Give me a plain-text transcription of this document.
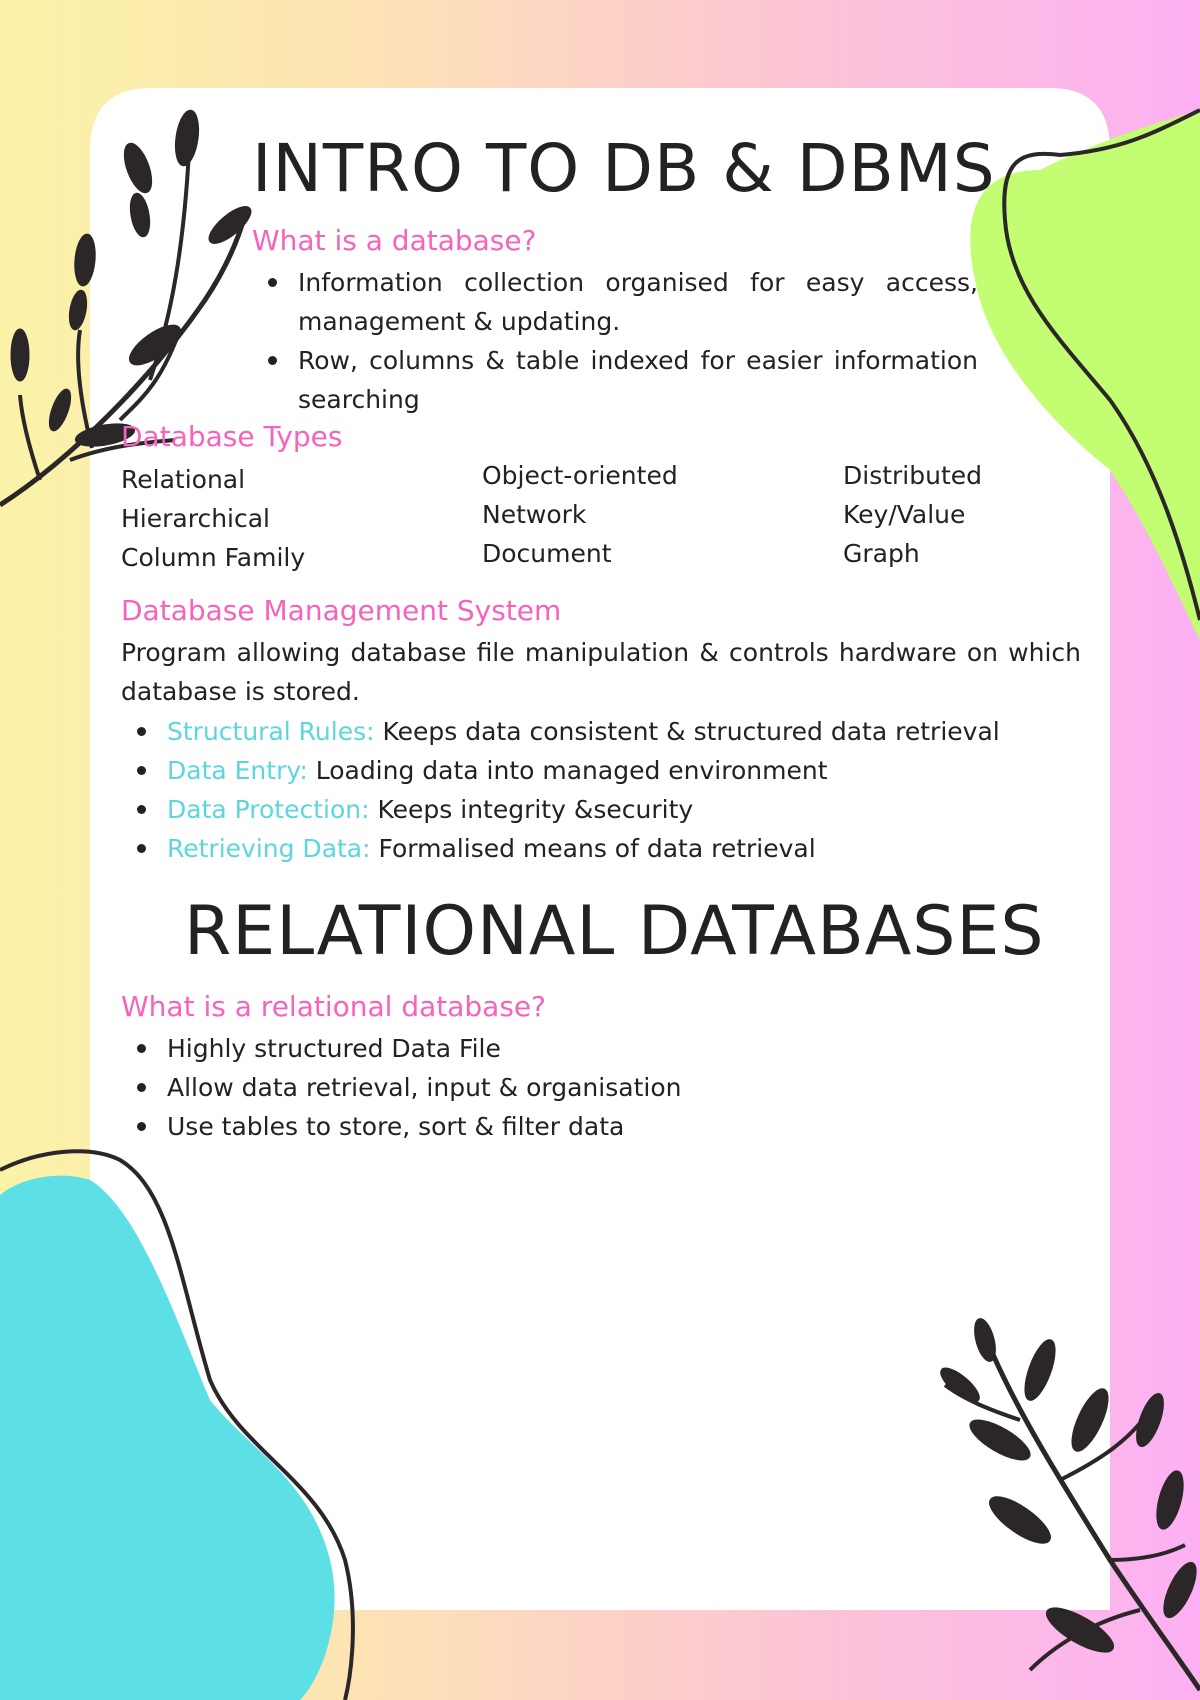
INTRO TO DB & DBMS
What is a database?
Information collection organised for easy access, management & updating.
Row, columns & table indexed for easier information searching
Database Types
Relational
Hierarchical
Column Family
Object-oriented
Network
Document
Distributed
Key/Value
Graph
Database Management System

Program allowing database file manipulation & controls hardware on which database is stored.

Structural Rules: Keeps data consistent & structured data retrieval
Data Entry: Loading data into managed environment
Data Protection: Keeps integrity &security
Retrieving Data: Formalised means of data retrieval
RELATIONAL DATABASES
What is a relational database?
Highly structured Data File
Allow data retrieval, input & organisation
Use tables to store, sort & filter data
